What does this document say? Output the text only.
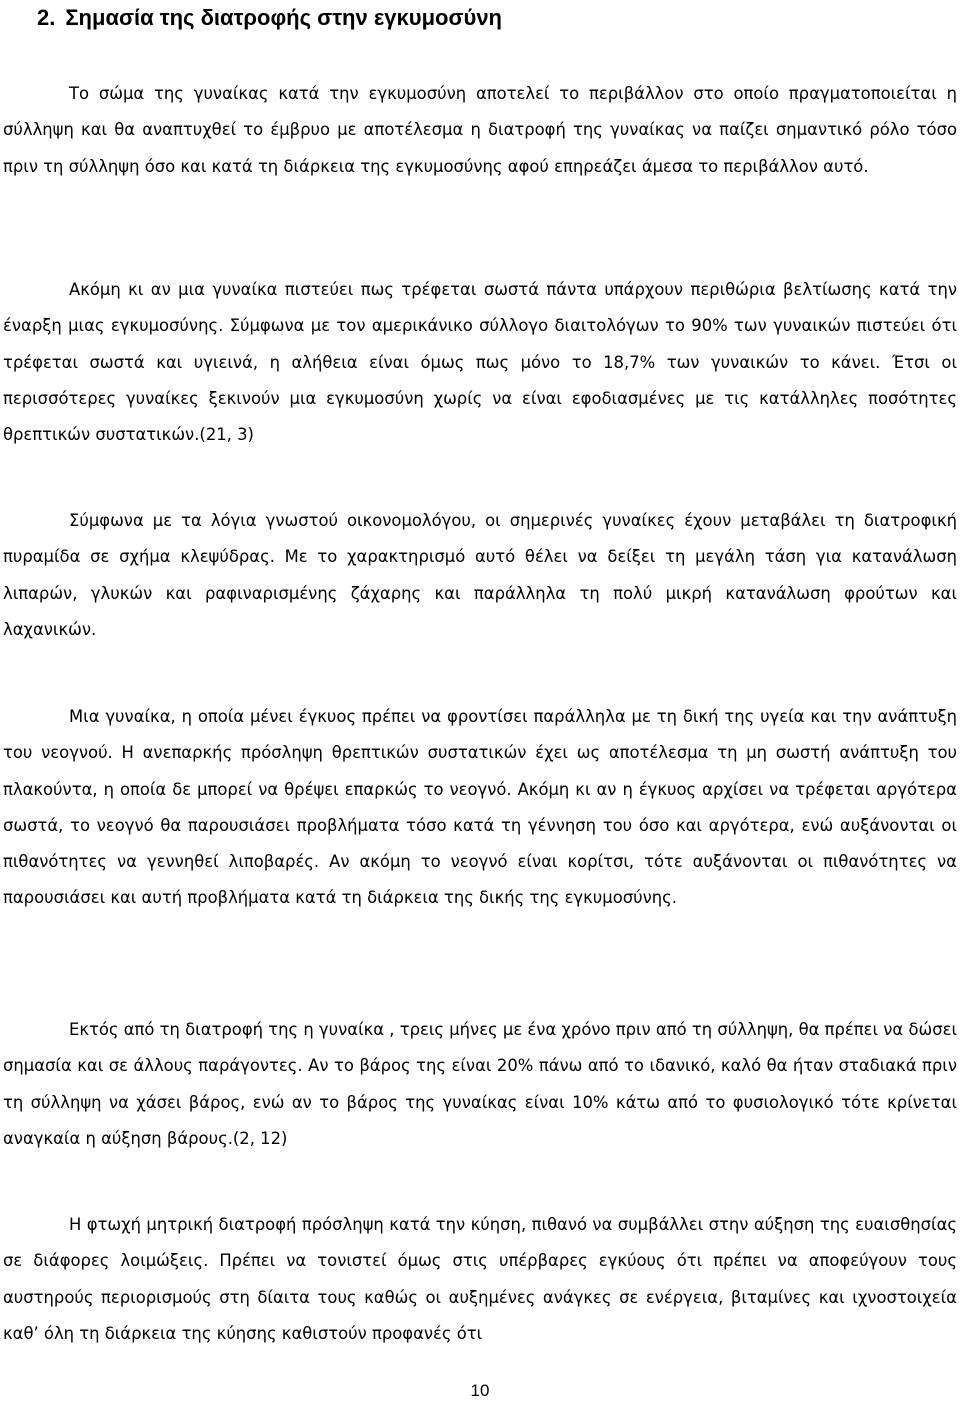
2. Σημασία της διατροφής στην εγκυμοσύνη

Το σώμα της γυναίκας κατά την εγκυμοσύνη αποτελεί το περιβάλλον στο οποίο πραγματοποιείται η σύλληψη και θα αναπτυχθεί το έμβρυο με αποτέλεσμα η διατροφή της γυναίκας να παίζει σημαντικό ρόλο τόσο πριν τη σύλληψη όσο και κατά τη διάρκεια της εγκυμοσύνης αφού επηρεάζει άμεσα το περιβάλλον αυτό.

Ακόμη κι αν μια γυναίκα πιστεύει πως τρέφεται σωστά πάντα υπάρχουν περιθώρια βελτίωσης κατά την έναρξη μιας εγκυμοσύνης. Σύμφωνα με τον αμερικάνικο σύλλογο διαιτολόγων το 90% των γυναικών πιστεύει ότι τρέφεται σωστά και υγιεινά, η αλήθεια είναι όμως πως μόνο το 18,7% των γυναικών το κάνει. Έτσι οι περισσότερες γυναίκες ξεκινούν μια εγκυμοσύνη χωρίς να είναι εφοδιασμένες με τις κατάλληλες ποσότητες θρεπτικών συστατικών.(21, 3)

Σύμφωνα με τα λόγια γνωστού οικονομολόγου, οι σημερινές γυναίκες έχουν μεταβάλει τη διατροφική πυραμίδα σε σχήμα κλεψύδρας. Με το χαρακτηρισμό αυτό θέλει να δείξει τη μεγάλη τάση για κατανάλωση λιπαρών, γλυκών και ραφιναρισμένης ζάχαρης και παράλληλα τη πολύ μικρή κατανάλωση φρούτων και λαχανικών.

Μια γυναίκα, η οποία μένει έγκυος πρέπει να φροντίσει παράλληλα με τη δική της υγεία και την ανάπτυξη του νεογνού. Η ανεπαρκής πρόσληψη θρεπτικών συστατικών έχει ως αποτέλεσμα τη μη σωστή ανάπτυξη του πλακούντα, η οποία δε μπορεί να θρέψει επαρκώς το νεογνό. Ακόμη κι αν η έγκυος αρχίσει να τρέφεται αργότερα σωστά, το νεογνό θα παρουσιάσει προβλήματα τόσο κατά τη γέννηση του όσο και αργότερα, ενώ αυξάνονται οι πιθανότητες να γεννηθεί λιποβαρές. Αν ακόμη το νεογνό είναι κορίτσι, τότε αυξάνονται οι πιθανότητες να παρουσιάσει και αυτή προβλήματα κατά τη διάρκεια της δικής της εγκυμοσύνης.

Εκτός από τη διατροφή της η γυναίκα , τρεις μήνες με ένα χρόνο πριν από τη σύλληψη, θα πρέπει να δώσει σημασία και σε άλλους παράγοντες. Αν το βάρος της είναι 20% πάνω από το ιδανικό, καλό θα ήταν σταδιακά πριν τη σύλληψη να χάσει βάρος, ενώ αν το βάρος της γυναίκας είναι 10% κάτω από το φυσιολογικό τότε κρίνεται αναγκαία η αύξηση βάρους.(2, 12)

Η φτωχή μητρική διατροφή πρόσληψη κατά την κύηση, πιθανό να συμβάλλει στην αύξηση της ευαισθησίας σε διάφορες λοιμώξεις. Πρέπει να τονιστεί όμως στις υπέρβαρες εγκύους ότι πρέπει να αποφεύγουν τους αυστηρούς περιορισμούς στη δίαιτα τους καθώς οι αυξημένες ανάγκες σε ενέργεια, βιταμίνες και ιχνοστοιχεία καθ’ όλη τη διάρκεια της κύησης καθιστούν προφανές ότι

10
